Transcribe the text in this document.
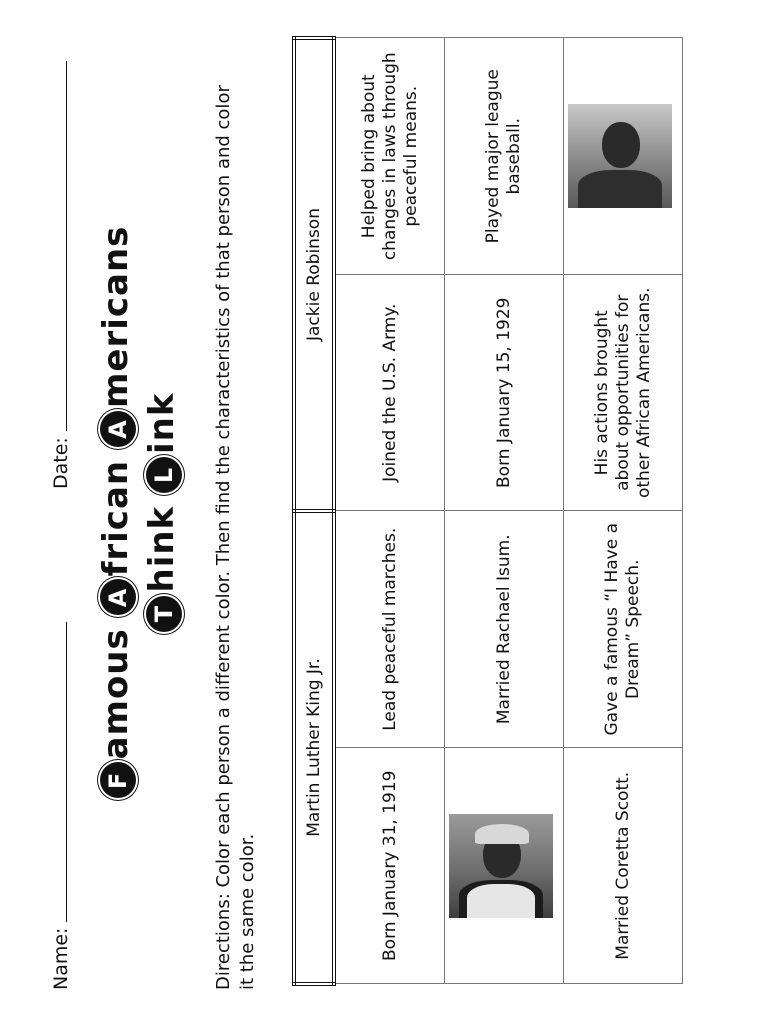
Name:
Date:
Famous African Americans
Think Link Directions: Color each person a different color. Then find the characteristics of that person and color it the same color.
Martin Luther King Jr.		Jackie Robinson	
Born January 31, 1919	Lead peaceful marches.	Joined the U.S. Army.	Helped bring about changes in laws through peaceful means.

	Married Rachael Isum.	Born January 15, 1929	Played major league baseball.
Married Coretta Scott.	Gave a famous “I Have a Dream” Speech.	His actions brought about opportunities for other African Americans.	
